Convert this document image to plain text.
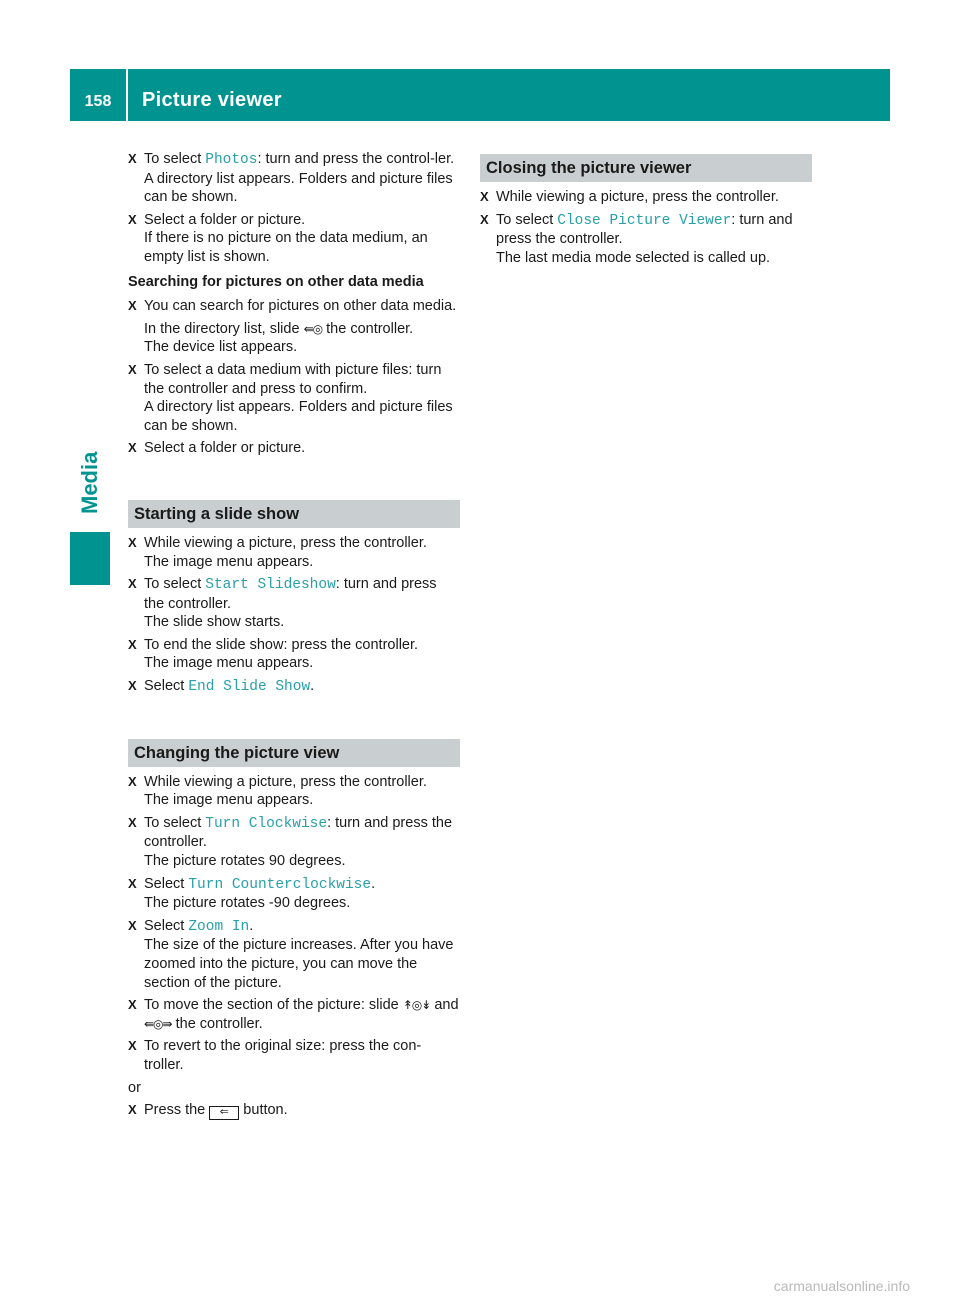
158	Picture viewer
Media
X To select Photos: turn and press the control-ler.

A directory list appears. Folders and picture files can be shown.

X Select a folder or picture.

If there is no picture on the data medium, an empty list is shown.

Searching for pictures on other data media
X You can search for pictures on other data media.

In the directory list, slide ⇚◎ the controller.

The device list appears.

X To select a data medium with picture files: turn the controller and press to confirm.

A directory list appears. Folders and picture files can be shown.

X Select a folder or picture.

Starting a slide show
X While viewing a picture, press the controller.

The image menu appears.

X To select Start Slideshow: turn and press the controller.

The slide show starts.

X To end the slide show: press the controller.

The image menu appears.

X Select End Slide Show.

Changing the picture view
X While viewing a picture, press the controller.

The image menu appears.

X To select Turn Clockwise: turn and press the controller.

The picture rotates 90 degrees.

X Select Turn Counterclockwise.

The picture rotates -90 degrees.

X Select Zoom In.

The size of the picture increases. After you have zoomed into the picture, you can move the section of the picture.

X To move the section of the picture: slide ↟◎↡ and ⇚◎⇛ the controller.

X To revert to the original size: press the con-troller.

or

X Press the ⇐ button.

Closing the picture viewer
X While viewing a picture, press the controller.

X To select Close Picture Viewer: turn and press the controller.

The last media mode selected is called up.

carmanualsonline.info
